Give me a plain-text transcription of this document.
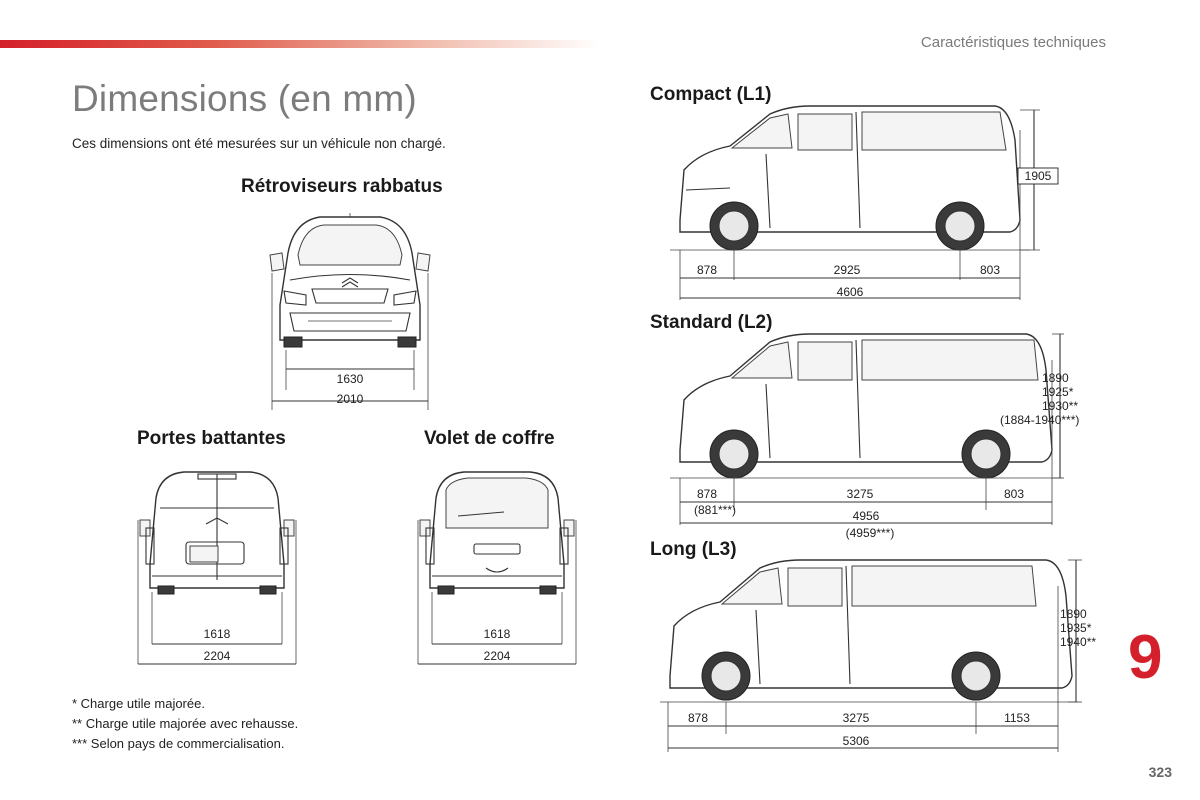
Caractéristiques techniques
Dimensions (en mm)
Ces dimensions ont été mesurées sur un véhicule non chargé.
Rétroviseurs rabbatus
Portes battantes	Volet de coffre
Compact (L1)
Standard (L2)
Long (L3)
1630
2010
1618
2204
1618
2204
1905
878	2925	803
4606
1890
1925*
1930**
(1884-1940***)
878
(881***)
3275	803
4956
(4959***)
1890
1935*
1940**
878	3275	1153
5306
* Charge utile majorée.
** Charge utile majorée avec rehausse.
*** Selon pays de commercialisation.
9
323
